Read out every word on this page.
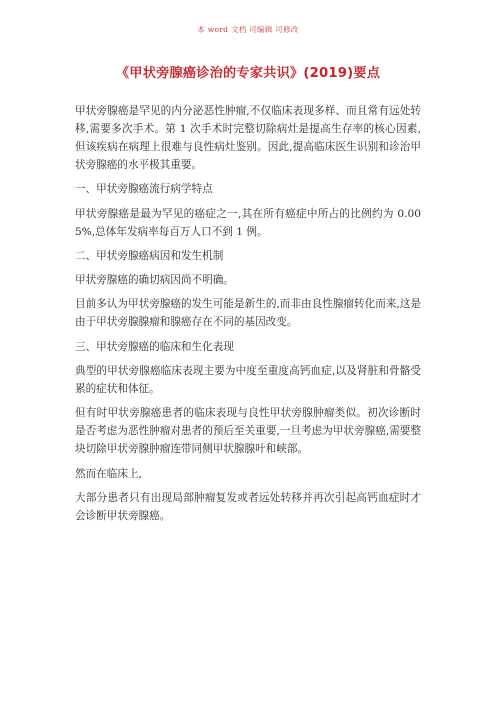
本 word 文档 可编辑 可修改
《甲状旁腺癌诊治的专家共识》(2019)要点

甲状旁腺癌是罕见的内分泌恶性肿瘤,不仅临床表现多样、而且常有远处转移,需要多次手术。第 1 次手术时完整切除病灶是提高生存率的核心因素,但该疾病在病理上很难与良性病灶鉴别。因此,提高临床医生识别和诊治甲状旁腺癌的水平极其重要。

一、甲状旁腺癌流行病学特点

甲状旁腺癌是最为罕见的癌症之一,其在所有癌症中所占的比例约为 0.005%,总体年发病率每百万人口不到 1 例。

二、甲状旁腺癌病因和发生机制

甲状旁腺癌的确切病因尚不明确。

目前多认为甲状旁腺癌的发生可能是新生的,而非由良性腺瘤转化而来,这是由于甲状旁腺腺瘤和腺癌存在不同的基因改变。

三、甲状旁腺癌的临床和生化表现

典型的甲状旁腺癌临床表现主要为中度至重度高钙血症,以及肾脏和骨骼受累的症状和体征。

但有时甲状旁腺癌患者的临床表现与良性甲状旁腺肿瘤类似。初次诊断时是否考虑为恶性肿瘤对患者的预后至关重要,一旦考虑为甲状旁腺癌,需要整块切除甲状旁腺肿瘤连带同侧甲状腺腺叶和峡部。

然而在临床上,

大部分患者只有出现局部肿瘤复发或者远处转移并再次引起高钙血症时才会诊断甲状旁腺癌。
